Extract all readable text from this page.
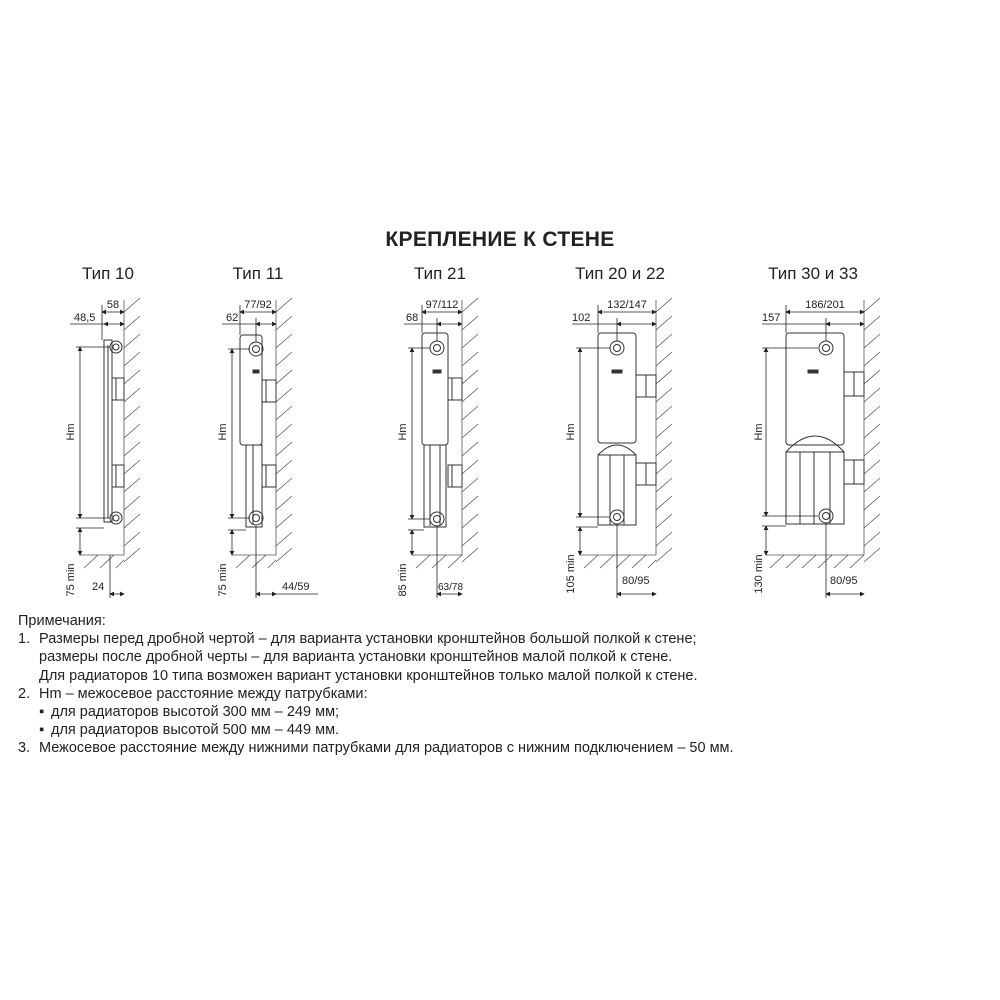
КРЕПЛЕНИЕ К СТЕНЕ
Тип 10	Тип 11	Тип 21	Тип 20 и 22	Тип 30 и 33
58
48,5
Hm
75 min 24
77/92
62
Hm
75 min	44/59
97/112
68
Hm
85 min	63/78
132/147
102
Hm
105 min	80/95
186/201
157
Hm
130 min	80/95
Примечания:
1. Размеры перед дробной чертой – для варианта установки кронштейнов большой полкой к стене;
размеры после дробной черты – для варианта установки кронштейнов малой полкой к стене.
Для радиаторов 10 типа возможен вариант установки кронштейнов только малой полкой к стене.
2. Hm – межосевое расстояние между патрубками:
▪ для радиаторов высотой 300 мм – 249 мм;
▪ для радиаторов высотой 500 мм – 449 мм.
3. Межосевое расстояние между нижними патрубками для радиаторов с нижним подключением – 50 мм.
